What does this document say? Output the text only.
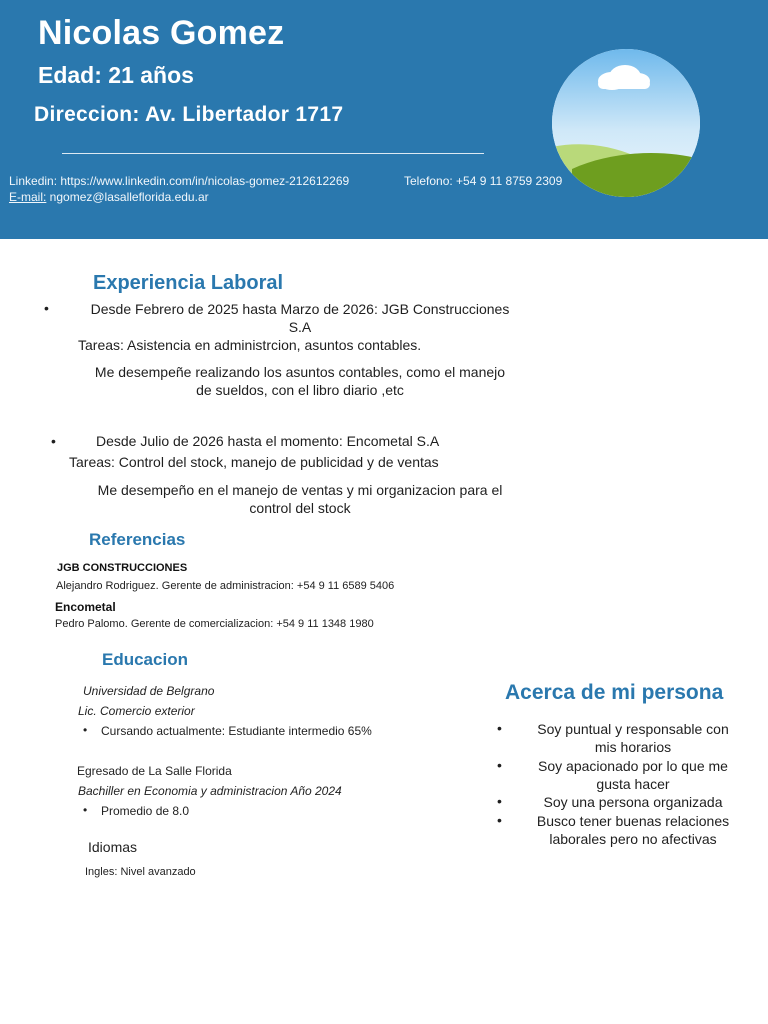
Nicolas Gomez
Edad: 21 años
Direccion: Av. Libertador 1717
Linkedin: https://www.linkedin.com/in/nicolas-gomez-212612269	Telefono: +54 9 11 8759 2309
E-mail: ngomez@lasalleflorida.edu.ar
Experiencia Laboral
•	Desde Febrero de 2025 hasta Marzo de 2026: JGB Construcciones
S.A
Tareas: Asistencia en administrcion, asuntos contables.
Me desempeñe realizando los asuntos contables, como el manejo
de sueldos, con el libro diario ,etc
•	Desde Julio de 2026 hasta el momento: Encometal S.A
Tareas: Control del stock, manejo de publicidad y de ventas
Me desempeño en el manejo de ventas y mi organizacion para el
control del stock
Referencias
JGB CONSTRUCCIONES
Alejandro Rodriguez. Gerente de administracion: +54 9 11 6589 5406
Encometal
Pedro Palomo. Gerente de comercializacion: +54 9 11 1348 1980
Educacion
Universidad de Belgrano
Lic. Comercio exterior
• Cursando actualmente: Estudiante intermedio 65%
Egresado de La Salle Florida
Bachiller en Economia y administracion Año 2024
• Promedio de 8.0
Idiomas
Ingles: Nivel avanzado
Acerca de mi persona
•	Soy puntual y responsable con
mis horarios
•	Soy apacionado por lo que me
gusta hacer
•	Soy una persona organizada
•	Busco tener buenas relaciones
laborales pero no afectivas
